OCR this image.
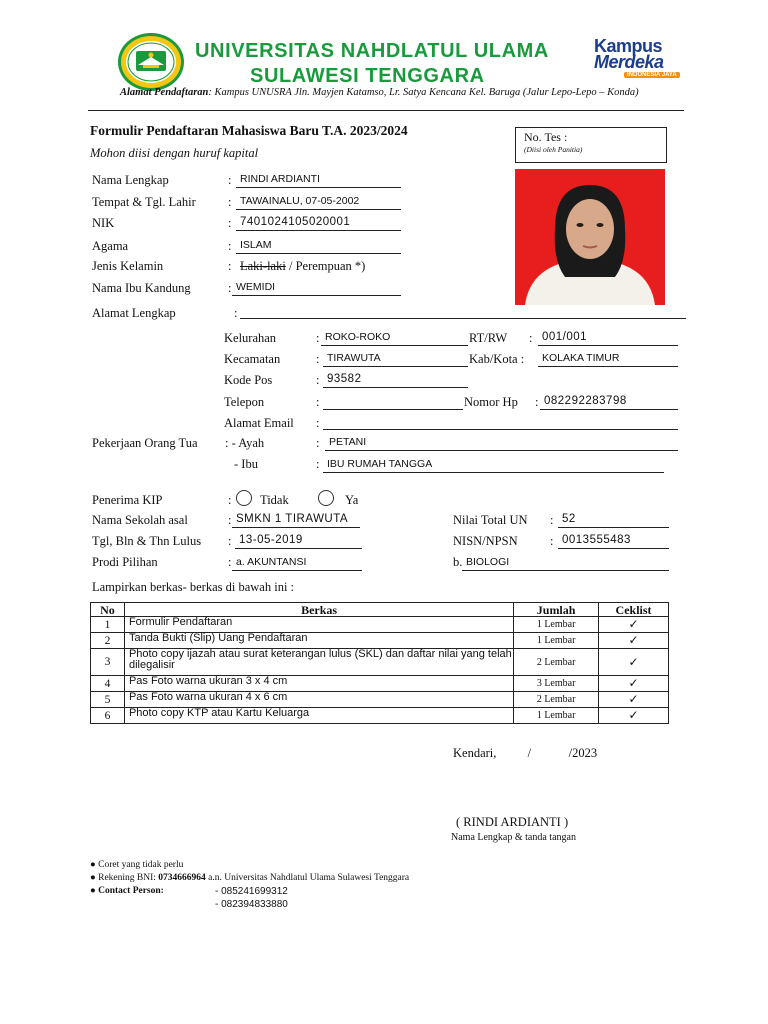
UNIVERSITAS NAHDLATUL ULAMA
SULAWESI TENGGARA
Kampus
Merdeka
INDONESIA JAYA
Alamat Pendaftaran: Kampus UNUSRA Jln. Mayjen Katamso, Lr. Satya Kencana Kel. Baruga (Jalur Lepo-Lepo – Konda)
Formulir Pendaftaran Mahasiswa Baru T.A. 2023/2024
Mohon diisi dengan huruf kapital
No. Tes :
(Diisi oleh Panitia)
Nama Lengkap	: RINDI ARDIANTI
Tempat & Tgl. Lahir	: TAWAINALU, 07-05-2002
NIK	: 7401024105020001
Agama	: ISLAM
Jenis Kelamin	: Laki-laki / Perempuan *)
Nama Ibu Kandung	: WEMIDI
Alamat Lengkap	:
Kelurahan	: ROKO-ROKO	RT/RW : 001/001
Kecamatan	: TIRAWUTA	Kab/Kota :	KOLAKA TIMUR
Kode Pos	: 93582
Telepon	:	Nomor Hp : 082292283798
Alamat Email :
Pekerjaan Orang Tua : - Ayah	: PETANI
- Ibu	: IBU RUMAH TANGGA
Penerima KIP	: Tidak	Ya
Nama Sekolah asal	: SMKN 1 TIRAWUTA	Nilai Total UN : 52
Tgl, Bln & Thn Lulus : 13-05-2019	NISN/NPSN	: 0013555483
Prodi Pilihan	: a. AKUNTANSI	b. BIOLOGI
Lampirkan berkas- berkas di bawah ini :
No	Berkas	Jumlah	Ceklist
1	Formulir Pendaftaran	1 Lembar	✓
2	Tanda Bukti (Slip) Uang Pendaftaran	1 Lembar	✓
3	Photo copy ijazah atau surat keterangan lulus (SKL) dan daftar nilai yang telah dilegalisir	2 Lembar	✓
4	Pas Foto warna ukuran 3 x 4 cm	3 Lembar	✓
5	Pas Foto warna ukuran 4 x 6 cm	2 Lembar	✓
6	Photo copy KTP atau Kartu Keluarga	1 Lembar	✓
Kendari,          /            /2023
( RINDI ARDIANTI )
Nama Lengkap & tanda tangan
● Coret yang tidak perlu
● Rekening BNI: 0734666964 a.n. Universitas Nahdlatul Ulama Sulawesi Tenggara
● Contact Person:	- 085241699312
- 082394833880
